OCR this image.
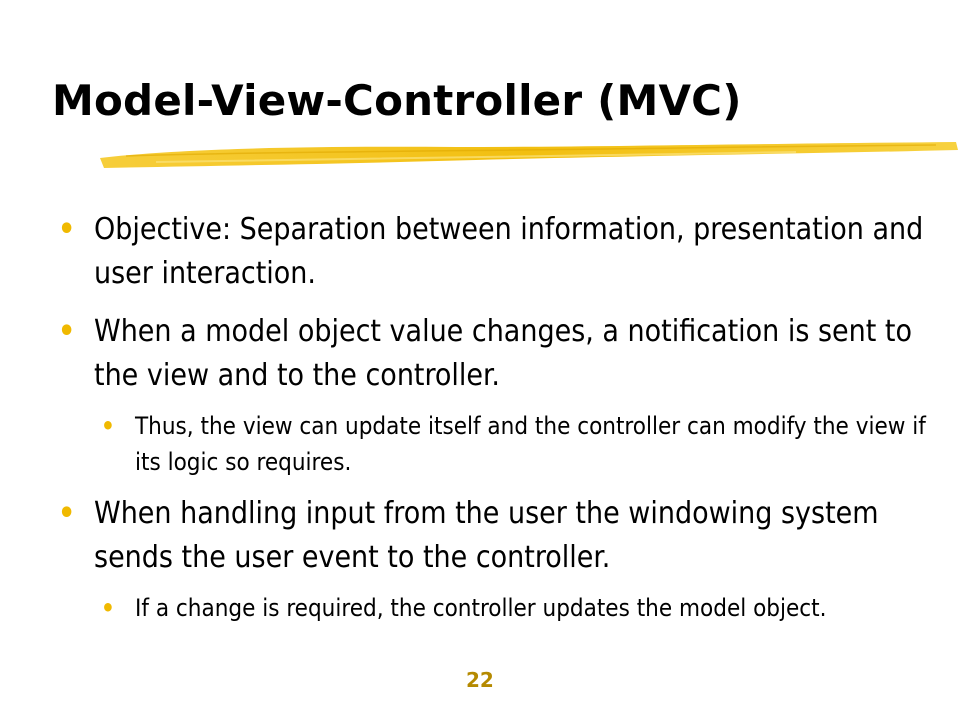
Model-View-Controller (MVC)
• Objective: Separation between information, presentation and user interaction.
• When a model object value changes, a notification is sent to the view and to the controller.
• Thus, the view can update itself and the controller can modify the view if its logic so requires.
• When handling input from the user the windowing system sends the user event to the controller.
• If a change is required, the controller updates the model object.
22
